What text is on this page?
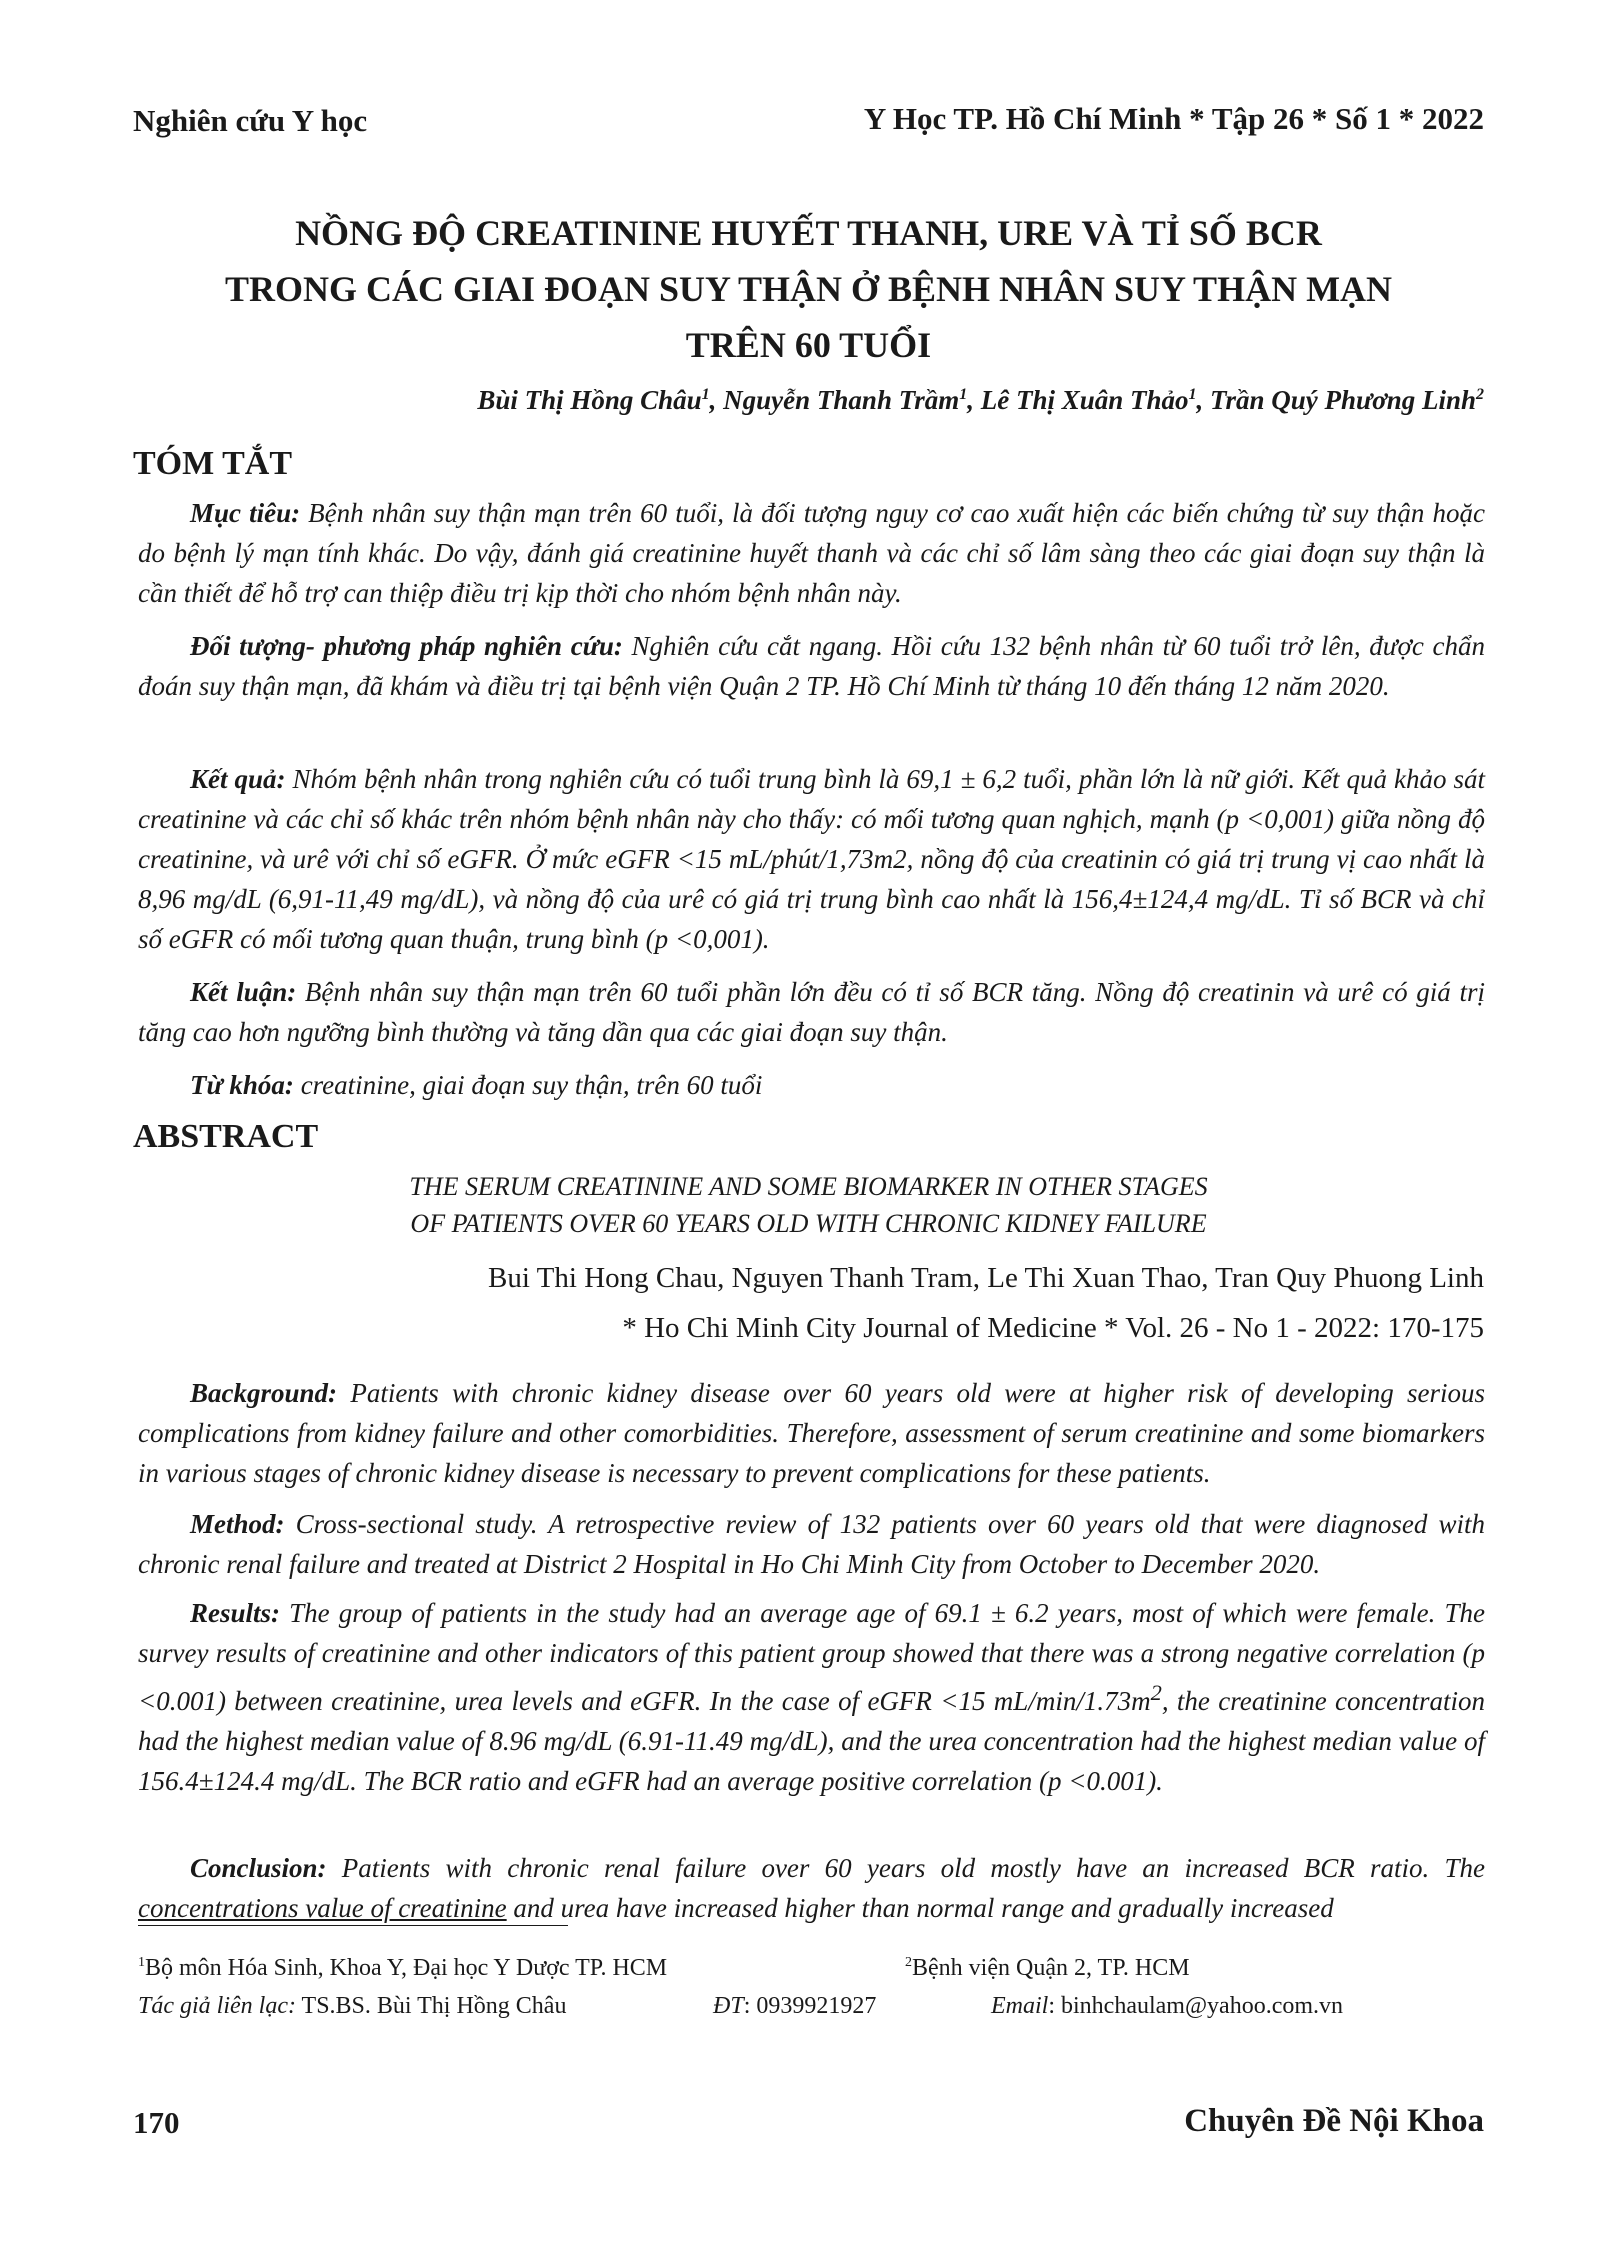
Nghiên cứu Y học	Y Học TP. Hồ Chí Minh * Tập 26 * Số 1 * 2022
NỒNG ĐỘ CREATININE HUYẾT THANH, URE VÀ TỈ SỐ BCR
TRONG CÁC GIAI ĐOẠN SUY THẬN Ở BỆNH NHÂN SUY THẬN MẠN
TRÊN 60 TUỔI
Bùi Thị Hồng Châu$^1$, Nguyễn Thanh Trầm$^1$, Lê Thị Xuân Thảo$^1$, Trần Quý Phương Linh$^2$
TÓM TẮT

Mục tiêu: Bệnh nhân suy thận mạn trên 60 tuổi, là đối tượng nguy cơ cao xuất hiện các biến chứng từ suy thận hoặc do bệnh lý mạn tính khác. Do vậy, đánh giá creatinine huyết thanh và các chỉ số lâm sàng theo các giai đoạn suy thận là cần thiết để hỗ trợ can thiệp điều trị kịp thời cho nhóm bệnh nhân này.

Đối tượng- phương pháp nghiên cứu: Nghiên cứu cắt ngang. Hồi cứu 132 bệnh nhân từ 60 tuổi trở lên, được chẩn đoán suy thận mạn, đã khám và điều trị tại bệnh viện Quận 2 TP. Hồ Chí Minh từ tháng 10 đến tháng 12 năm 2020.

Kết quả: Nhóm bệnh nhân trong nghiên cứu có tuổi trung bình là 69,1 ± 6,2 tuổi, phần lớn là nữ giới. Kết quả khảo sát creatinine và các chỉ số khác trên nhóm bệnh nhân này cho thấy: có mối tương quan nghịch, mạnh (p <0,001) giữa nồng độ creatinine, và urê với chỉ số eGFR. Ở mức eGFR <15 mL/phút/1,73m2, nồng độ của creatinin có giá trị trung vị cao nhất là 8,96 mg/dL (6,91-11,49 mg/dL), và nồng độ của urê có giá trị trung bình cao nhất là 156,4±124,4 mg/dL. Tỉ số BCR và chỉ số eGFR có mối tương quan thuận, trung bình (p <0,001).

Kết luận: Bệnh nhân suy thận mạn trên 60 tuổi phần lớn đều có tỉ số BCR tăng. Nồng độ creatinin và urê có giá trị tăng cao hơn ngưỡng bình thường và tăng dần qua các giai đoạn suy thận.

Từ khóa: creatinine, giai đoạn suy thận, trên 60 tuổi

ABSTRACT
THE SERUM CREATININE AND SOME BIOMARKER IN OTHER STAGES
OF PATIENTS OVER 60 YEARS OLD WITH CHRONIC KIDNEY FAILURE
Bui Thi Hong Chau, Nguyen Thanh Tram, Le Thi Xuan Thao, Tran Quy Phuong Linh
* Ho Chi Minh City Journal of Medicine * Vol. 26 - No 1 - 2022: 170-175

Background: Patients with chronic kidney disease over 60 years old were at higher risk of developing serious complications from kidney failure and other comorbidities. Therefore, assessment of serum creatinine and some biomarkers in various stages of chronic kidney disease is necessary to prevent complications for these patients.

Method: Cross-sectional study. A retrospective review of 132 patients over 60 years old that were diagnosed with chronic renal failure and treated at District 2 Hospital in Ho Chi Minh City from October to December 2020.

Results: The group of patients in the study had an average age of 69.1 ± 6.2 years, most of which were female. The survey results of creatinine and other indicators of this patient group showed that there was a strong negative correlation (p <0.001) between creatinine, urea levels and eGFR. In the case of eGFR <15 $mL/\min/1.73m^2$, the creatinine concentration had the highest median value of 8.96 mg/dL (6.91-11.49 mg/dL), and the urea concentration had the highest median value of 156.4±124.4 mg/dL. The BCR ratio and eGFR had an average positive correlation (p <0.001).

Conclusion: Patients with chronic renal failure over 60 years old mostly have an increased BCR ratio. The concentrations value of creatinine and urea have increased higher than normal range and gradually increased

$^1$Bộ môn Hóa Sinh, Khoa Y, Đại học Y Dược TP. HCM	$^2$Bệnh viện Quận 2, TP. HCM
Tác giả liên lạc: TS.BS. Bùi Thị Hồng Châu	ĐT: 0939921927	Email: binhchaulam@yahoo.com.vn
170	Chuyên Đề Nội Khoa
